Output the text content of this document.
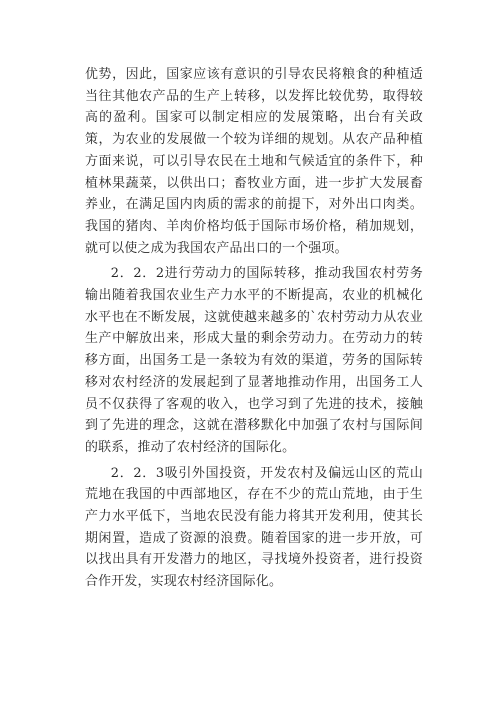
优势，因此，国家应该有意识的引导农民将粮食的种植适当往其他农产品的生产上转移，以发挥比较优势，取得较高的盈利。国家可以制定相应的发展策略，出台有关政策，为农业的发展做一个较为详细的规划。从农产品种植方面来说，可以引导农民在土地和气候适宜的条件下，种植林果蔬菜，以供出口；畜牧业方面，进一步扩大发展畜养业，在满足国内肉质的需求的前提下，对外出口肉类。我国的猪肉、羊肉价格均低于国际市场价格，稍加规划，就可以使之成为我国农产品出口的一个强项。

2．2．2进行劳动力的国际转移，推动我国农村劳务输出随着我国农业生产力水平的不断提高，农业的机械化水平也在不断发展，这就使越来越多的`农村劳动力从农业生产中解放出来，形成大量的剩余劳动力。在劳动力的转移方面，出国务工是一条较为有效的渠道，劳务的国际转移对农村经济的发展起到了显著地推动作用，出国务工人员不仅获得了客观的收入，也学习到了先进的技术，接触到了先进的理念，这就在潜移默化中加强了农村与国际间的联系，推动了农村经济的国际化。

2．2．3吸引外国投资，开发农村及偏远山区的荒山荒地在我国的中西部地区，存在不少的荒山荒地，由于生产力水平低下，当地农民没有能力将其开发利用，使其长期闲置，造成了资源的浪费。随着国家的进一步开放，可以找出具有开发潜力的地区，寻找境外投资者，进行投资合作开发，实现农村经济国际化。
